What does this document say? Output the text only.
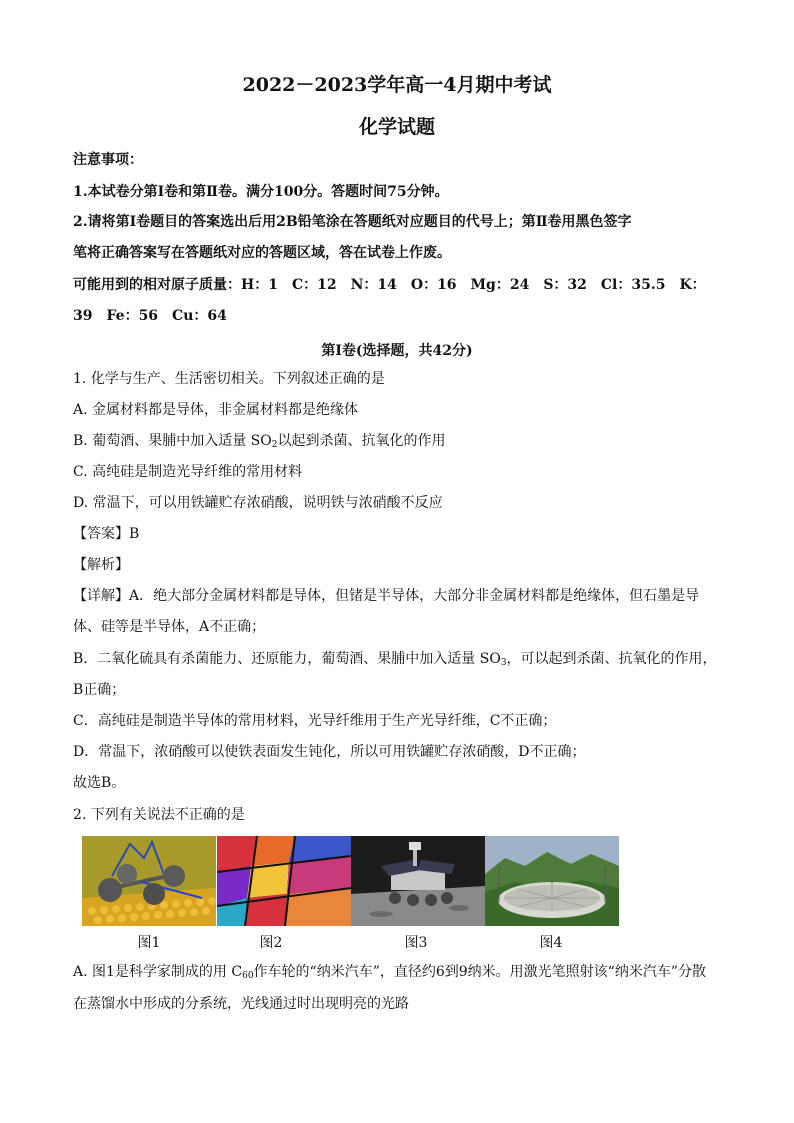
2022－2023学年高一4月期中考试
化学试题
注意事项：
1.本试卷分第Ⅰ卷和第Ⅱ卷。满分100分。答题时间75分钟。
2.请将第Ⅰ卷题目的答案选出后用2B铅笔涂在答题纸对应题目的代号上；第Ⅱ卷用黑色签字
笔将正确答案写在答题纸对应的答题区域，答在试卷上作废。
可能用到的相对原子质量：H：1　C：12　N：14　O：16　Mg：24　S：32　Cl：35.5　K：
39　Fe：56　Cu：64
第Ⅰ卷(选择题，共42分)
1. 化学与生产、生活密切相关。下列叙述正确的是
A. 金属材料都是导体，非金属材料都是绝缘体
B. 葡萄酒、果脯中加入适量 $SO_2$以起到杀菌、抗氧化的作用
C. 高纯硅是制造光导纤维的常用材料
D. 常温下，可以用铁罐贮存浓硝酸，说明铁与浓硝酸不反应
【答案】B
【解析】
【详解】A．绝大部分金属材料都是导体，但锗是半导体，大部分非金属材料都是绝缘体，但石墨是导
体、硅等是半导体，A不正确；
B．二氧化硫具有杀菌能力、还原能力，葡萄酒、果脯中加入适量 $SO_3$，可以起到杀菌、抗氧化的作用，
B正确；
C．高纯硅是制造半导体的常用材料，光导纤维用于生产光导纤维，C不正确；
D．常温下，浓硝酸可以使铁表面发生钝化，所以可用铁罐贮存浓硝酸，D不正确；
故选B。
2. 下列有关说法不正确的是
图1	图2	图3	图4
A. 图1是科学家制成的用 $C_{60}$作车轮的“纳米汽车”，直径约6到9纳米。用激光笔照射该“纳米汽车”分散
在蒸馏水中形成的分系统，光线通过时出现明亮的光路
